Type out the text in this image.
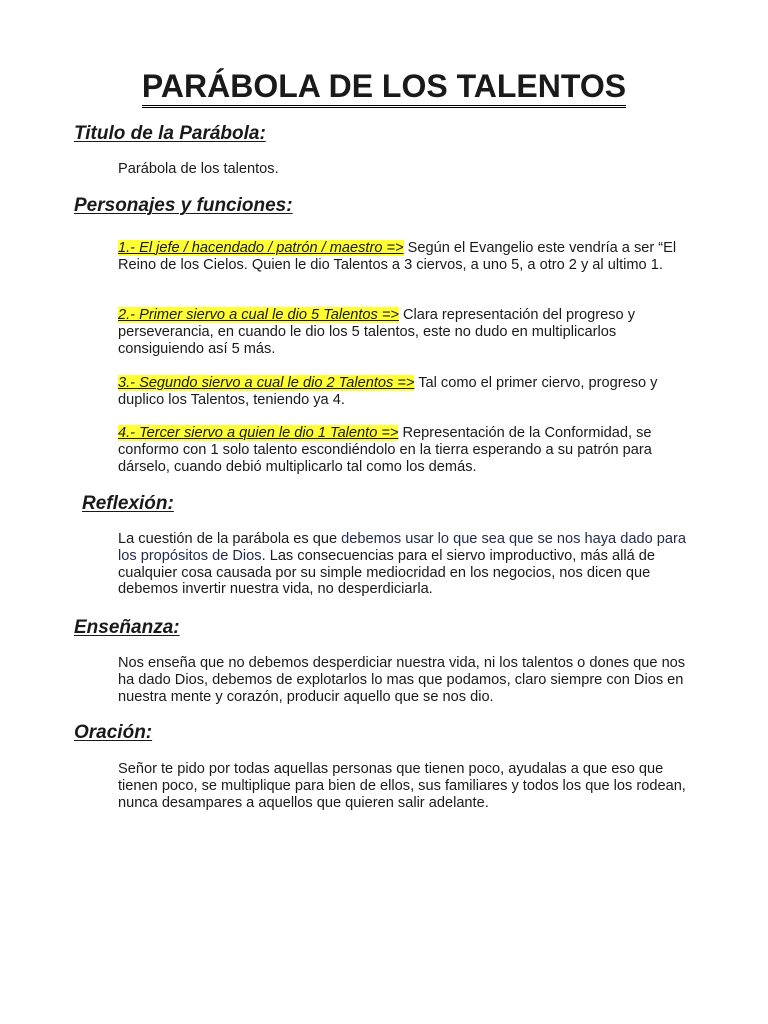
PARÁBOLA DE LOS TALENTOS
Titulo de la Parábola:

Parábola de los talentos.

Personajes y funciones:

1.- El jefe / hacendado / patrón / maestro => Según el Evangelio este vendría a ser “El Reino de los Cielos. Quien le dio Talentos a 3 ciervos, a uno 5, a otro 2 y al ultimo 1.

2.- Primer siervo a cual le dio 5 Talentos => Clara representación del progreso y perseverancia, en cuando le dio los 5 talentos, este no dudo en multiplicarlos consiguiendo así 5 más.

3.- Segundo siervo a cual le dio 2 Talentos => Tal como el primer ciervo, progreso y duplico los Talentos, teniendo ya 4.

4.- Tercer siervo a quien le dio 1 Talento => Representación de la Conformidad, se conformo con 1 solo talento escondiéndolo en la tierra esperando a su patrón para dárselo, cuando debió multiplicarlo tal como los demás.

Reflexión:

La cuestión de la parábola es que debemos usar lo que sea que se nos haya dado para los propósitos de Dios. Las consecuencias para el siervo improductivo, más allá de cualquier cosa causada por su simple mediocridad en los negocios, nos dicen que debemos invertir nuestra vida, no desperdiciarla.

Enseñanza:

Nos enseña que no debemos desperdiciar nuestra vida, ni los talentos o dones que nos ha dado Dios, debemos de explotarlos lo mas que podamos, claro siempre con Dios en nuestra mente y corazón, producir aquello que se nos dio.

Oración:

Señor te pido por todas aquellas personas que tienen poco, ayudalas a que eso que tienen poco, se multiplique para bien de ellos, sus familiares y todos los que los rodean, nunca desampares a aquellos que quieren salir adelante.
